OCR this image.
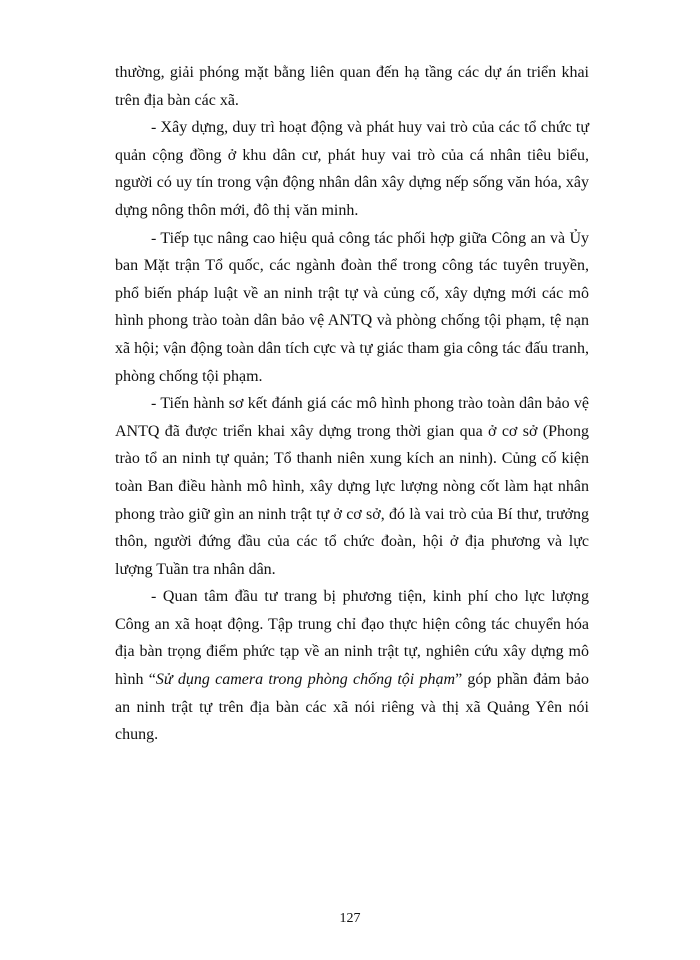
thường, giải phóng mặt bằng liên quan đến hạ tầng các dự án triển khai trên địa bàn các xã.

- Xây dựng, duy trì hoạt động và phát huy vai trò của các tổ chức tự quản cộng đồng ở khu dân cư, phát huy vai trò của cá nhân tiêu biểu, người có uy tín trong vận động nhân dân xây dựng nếp sống văn hóa, xây dựng nông thôn mới, đô thị văn minh.

- Tiếp tục nâng cao hiệu quả công tác phối hợp giữa Công an và Ủy ban Mặt trận Tổ quốc, các ngành đoàn thể trong công tác tuyên truyền, phổ biến pháp luật về an ninh trật tự và củng cố, xây dựng mới các mô hình phong trào toàn dân bảo vệ ANTQ và phòng chống tội phạm, tệ nạn xã hội; vận động toàn dân tích cực và tự giác tham gia công tác đấu tranh, phòng chống tội phạm.

- Tiến hành sơ kết đánh giá các mô hình phong trào toàn dân bảo vệ ANTQ đã được triển khai xây dựng trong thời gian qua ở cơ sở (Phong trào tổ an ninh tự quản; Tổ thanh niên xung kích an ninh). Củng cố kiện toàn Ban điều hành mô hình, xây dựng lực lượng nòng cốt làm hạt nhân phong trào giữ gìn an ninh trật tự ở cơ sở, đó là vai trò của Bí thư, trưởng thôn, người đứng đầu của các tổ chức đoàn, hội ở địa phương và lực lượng Tuần tra nhân dân.

- Quan tâm đầu tư trang bị phương tiện, kinh phí cho lực lượng Công an xã hoạt động. Tập trung chỉ đạo thực hiện công tác chuyển hóa địa bàn trọng điểm phức tạp về an ninh trật tự, nghiên cứu xây dựng mô hình “Sử dụng camera trong phòng chống tội phạm” góp phần đảm bảo an ninh trật tự trên địa bàn các xã nói riêng và thị xã Quảng Yên nói chung.

127
